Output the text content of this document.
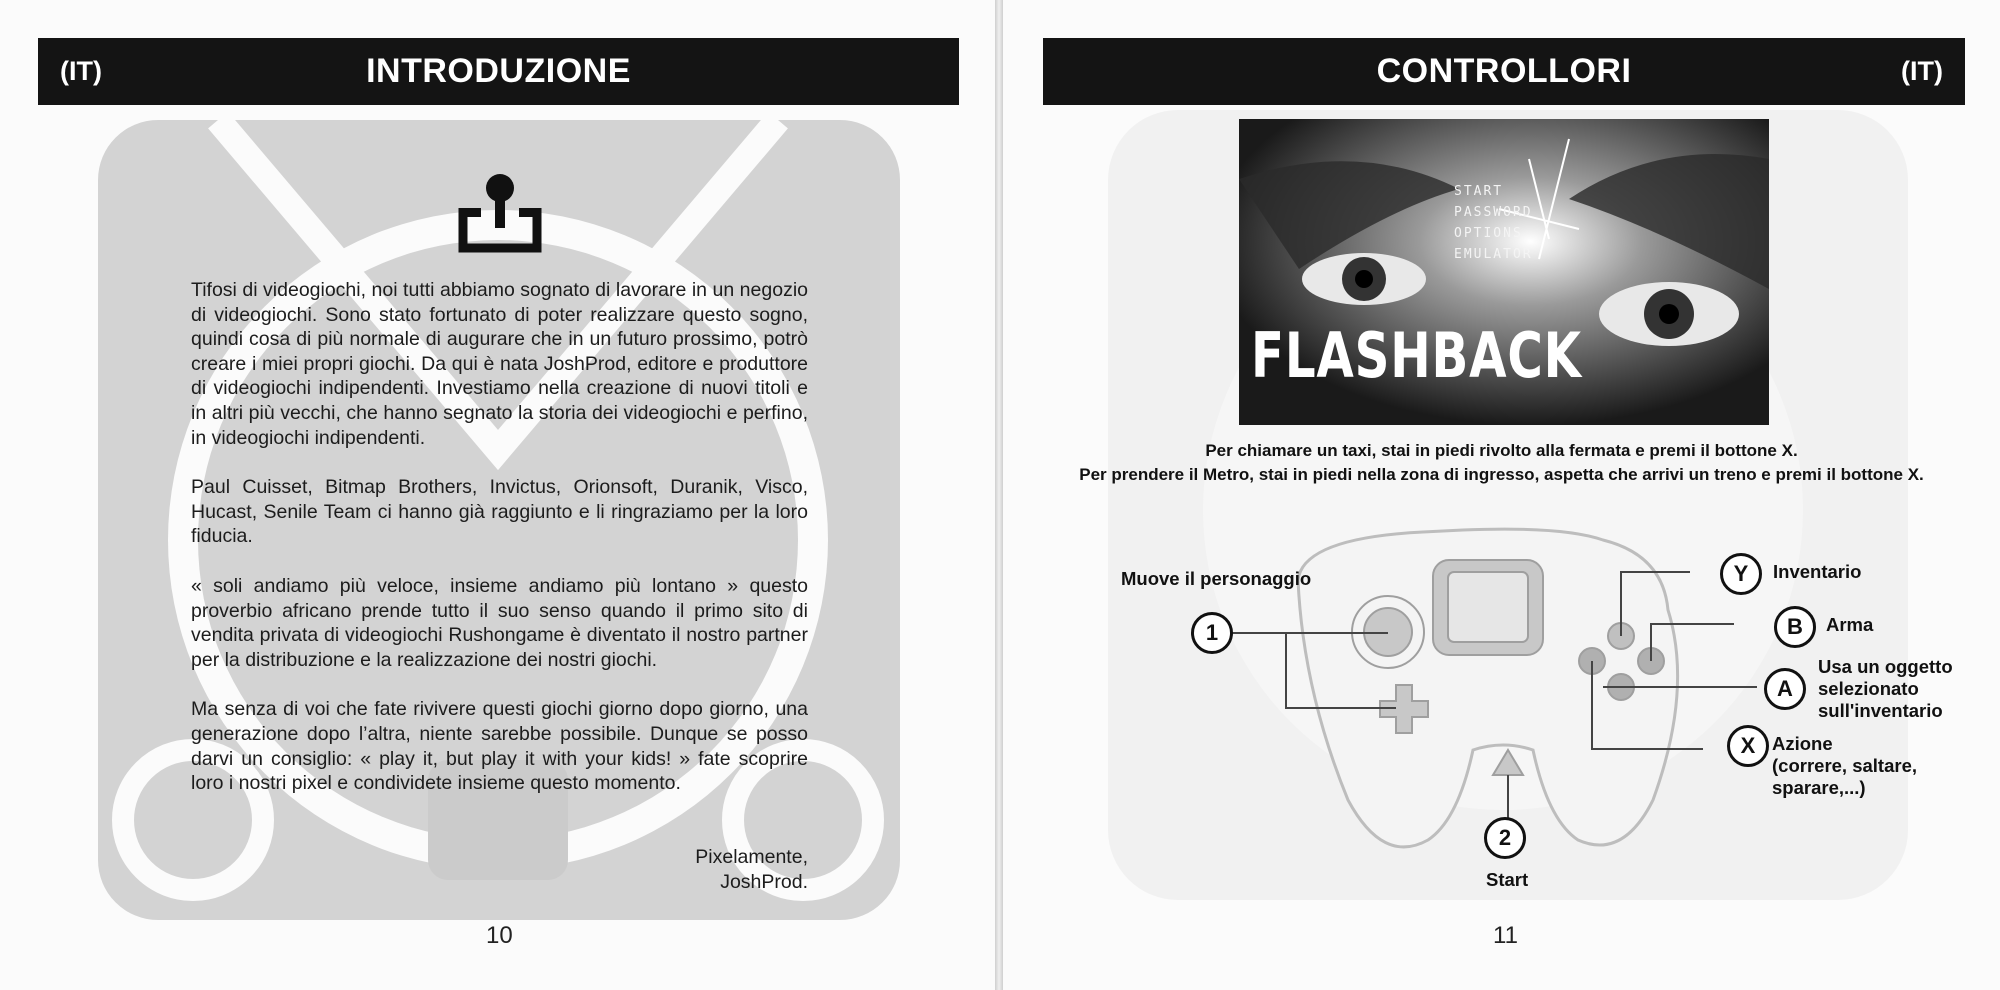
(IT)	INTRODUZIONE

Tifosi di videogiochi, noi tutti abbiamo sognato di lavorare in un negozio di videogiochi. Sono stato fortunato di poter realizzare questo sogno, quindi cosa di più normale di augurare che in un futuro prossimo, potrò creare i miei propri giochi. Da qui è nata JoshProd, editore e produttore di videogiochi indipendenti. Investiamo nella creazione di nuovi titoli e in altri più vecchi, che hanno segnato la storia dei videogiochi e perfino, in videogiochi indipendenti.

Paul Cuisset, Bitmap Brothers, Invictus, Orionsoft, Duranik, Visco, Hucast, Senile Team ci hanno già raggiunto e li ringraziamo per la loro fiducia.

« soli andiamo più veloce, insieme andiamo più lontano » questo proverbio africano prende tutto il suo senso quando il primo sito di vendita privata di videogiochi Rushongame è diventato il nostro partner per la distribuzione e la realizzazione dei nostri giochi.

Ma senza di voi che fate rivivere questi giochi giorno dopo giorno, una generazione dopo l’altra, niente sarebbe possibile. Dunque se posso darvi un consiglio: « play it, but play it with your kids! » fate scoprire loro i nostri pixel e condividete insieme questo momento.

Pixelamente,
JoshProd.
10
CONTROLLORI	(IT)
START
PASSWORD
OPTIONS
EMULATOR
FLASHBACK
Per chiamare un taxi, stai in piedi rivolto alla fermata e premi il bottone X.
Per prendere il Metro, stai in piedi nella zona di ingresso, aspetta che arrivi un treno e premi il bottone X.
Muove il personaggio
1
2
Start
Y	Inventario
B	Arma
A
Usa un oggetto
selezionato
sull'inventario
X Azione
(correre, saltare,
sparare,...)
11
